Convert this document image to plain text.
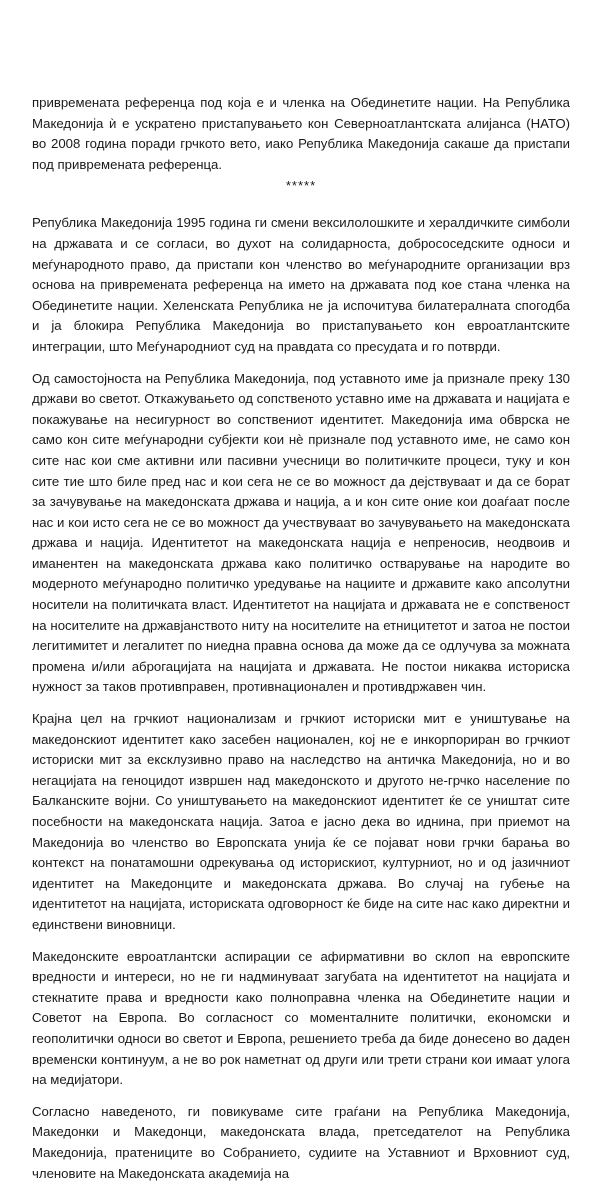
привремената референца под која е и членка на Обединетите нации. На Република Македонија ѝ е ускратено пристапувањето кон Северноатлантската алијанса (НАТО) во 2008 година поради грчкото вето, иако Република Македонија сакаше да пристапи под привремената референца.

*****

Република Македонија 1995 година ги смени вексилолошките и хералдичките симболи на државата и се согласи, во духот на солидарноста, добрососедските односи и меѓународното право, да пристапи кон членство во меѓународните организации врз основа на привремената референца на името на државата под кое стана членка на Обединетите нации. Хеленската Република не ја испочитува билатералната спогодба и ја блокира Република Македонија во пристапувањето кон евроатлантските интеграции, што Меѓународниот суд на правдата со пресудата и го потврди.

Од самостојноста на Република Македонија, под уставното име ја признале преку 130 држави во светот. Откажувањето од сопственото уставно име на државата и нацијата е покажување на несигурност во сопствениот идентитет. Македонија има обврска не само кон сите меѓународни субјекти кои нѐ признале под уставното име, не само кон сите нас кои сме активни или пасивни учесници во политичките процеси, туку и кон сите тие што биле пред нас и кои сега не се во можност да дејствуваат и да се борат за зачувување на македонската држава и нација, а и кон сите оние кои доаѓаат после нас и кои исто сега не се во можност да учествуваат во зачувувањето на македонската држава и нација. Идентитетот на македонската нација е непреносив, неодвоив и иманентен на македонската држава како политичко остварување на народите во модерното меѓународно политичко уредување на нациите и државите како апсолутни носители на политичката власт. Идентитетот на нацијата и државата не е сопственост на носителите на државјанството ниту на носителите на етницитетот и затоа не постои легитимитет и легалитет по ниедна правна основа да може да се одлучува за можната промена и/или аброгацијата на нацијата и државата. Не постои никаква историска нужност за таков противправен, противнационален и противдржавен чин.

Крајна цел на грчкиот национализам и грчкиот историски мит е уништување на македонскиот идентитет како засебен национален, кој не е инкорпориран во грчкиот историски мит за ексклузивно право на наследство на античка Македонија, но и во негацијата на геноцидот извршен над македонското и другото не-грчко население по Балканските војни. Со уништувањето на македонскиот идентитет ќе се уништат сите посебности на македонската нација. Затоа е јасно дека во иднина, при приемот на Македонија во членство во Европската унија ќе се појават нови грчки барања во контекст на понатамошни одрекувања од историскиот, културниот, но и од јазичниот идентитет на Македонците и македонската држава. Во случај на губење на идентитетот на нацијата, историската одговорност ќе биде на сите нас како директни и единствени виновници.

Македонските евроатлантски аспирации се афирмативни во склоп на европските вредности и интереси, но не ги надминуваат загубата на идентитетот на нацијата и стекнатите права и вредности како полноправна членка на Обединетите нации и Советот на Европа. Во согласност со моменталните политички, економски и геополитички односи во светот и Европа, решението треба да биде донесено во даден временски континуум, а не во рок наметнат од други или трети страни кои имаат улога на медијатори.

Согласно наведеното, ги повикуваме сите граѓани на Република Македонија, Македонки и Македонци, македонската влада, претседателот на Република Македонија, пратениците во Собранието, судиите на Уставниот и Врховниот суд, членовите на Македонската академија на
